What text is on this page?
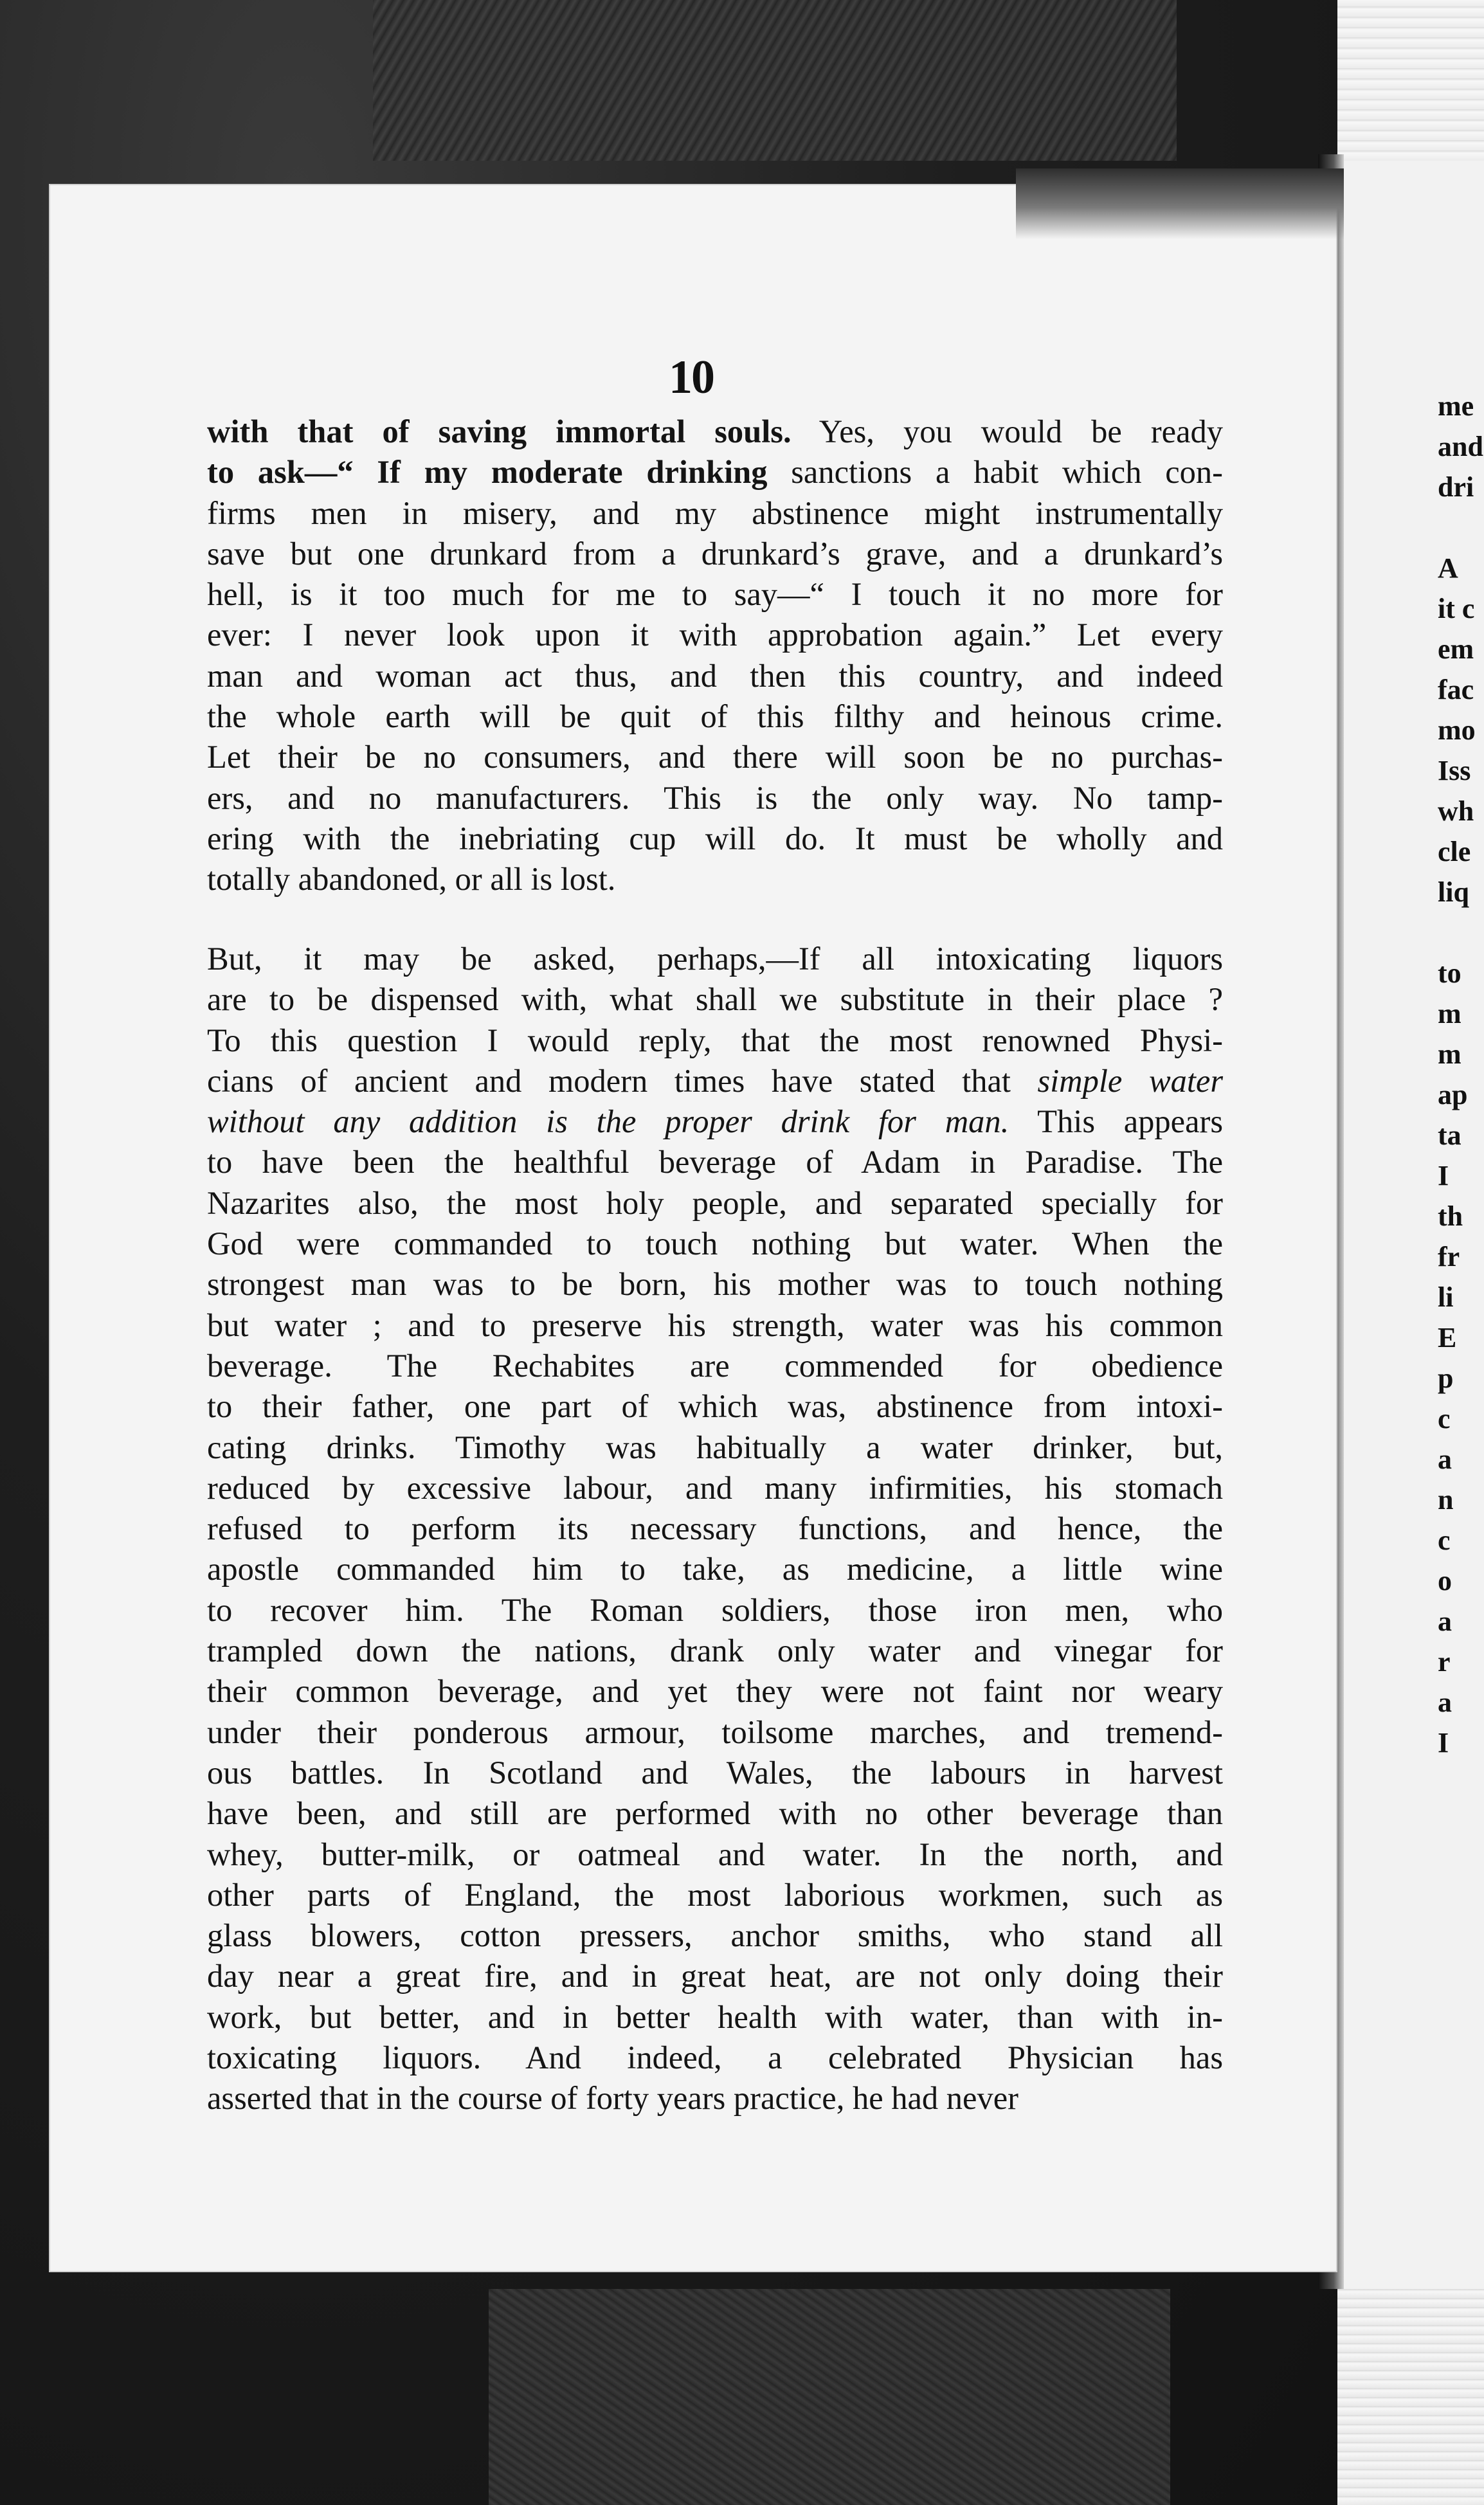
me
and
dri
A
it c
em
fac
mo
Iss
wh
cle
liq
to
m
m
ap
ta
I
th
fr
li
E
p
c
a
n
c
o
a
r
a
I
10
with that of saving immortal souls. Yes, you would be ready
to ask—“ If my moderate drinking sanctions a habit which con-
firms men in misery, and my abstinence might instrumentally
save but one drunkard from a drunkard’s grave, and a drunkard’s
hell, is it too much for me to say—“ I touch it no more for
ever: I never look upon it with approbation again.” Let every
man and woman act thus, and then this country, and indeed
the whole earth will be quit of this filthy and heinous crime.
Let their be no consumers, and there will soon be no purchas-
ers, and no manufacturers. This is the only way. No tamp-
ering with the inebriating cup will do. It must be wholly and
totally abandoned, or all is lost.
But, it may be asked, perhaps,—If all intoxicating liquors
are to be dispensed with, what shall we substitute in their place ?
To this question I would reply, that the most renowned Physi-
cians of ancient and modern times have stated that simple water
without any addition is the proper drink for man. This appears
to have been the healthful beverage of Adam in Paradise. The
Nazarites also, the most holy people, and separated specially for
God were commanded to touch nothing but water. When the
strongest man was to be born, his mother was to touch nothing
but water ; and to preserve his strength, water was his common
beverage. The Rechabites are commended for obedience
to their father, one part of which was, abstinence from intoxi-
cating drinks. Timothy was habitually a water drinker, but,
reduced by excessive labour, and many infirmities, his stomach
refused to perform its necessary functions, and hence, the
apostle commanded him to take, as medicine, a little wine
to recover him. The Roman soldiers, those iron men, who
trampled down the nations, drank only water and vinegar for
their common beverage, and yet they were not faint nor weary
under their ponderous armour, toilsome marches, and tremend-
ous battles. In Scotland and Wales, the labours in harvest
have been, and still are performed with no other beverage than
whey, butter-milk, or oatmeal and water. In the north, and
other parts of England, the most laborious workmen, such as
glass blowers, cotton pressers, anchor smiths, who stand all
day near a great fire, and in great heat, are not only doing their
work, but better, and in better health with water, than with in-
toxicating liquors. And indeed, a celebrated Physician has
asserted that in the course of forty years practice, he had never
